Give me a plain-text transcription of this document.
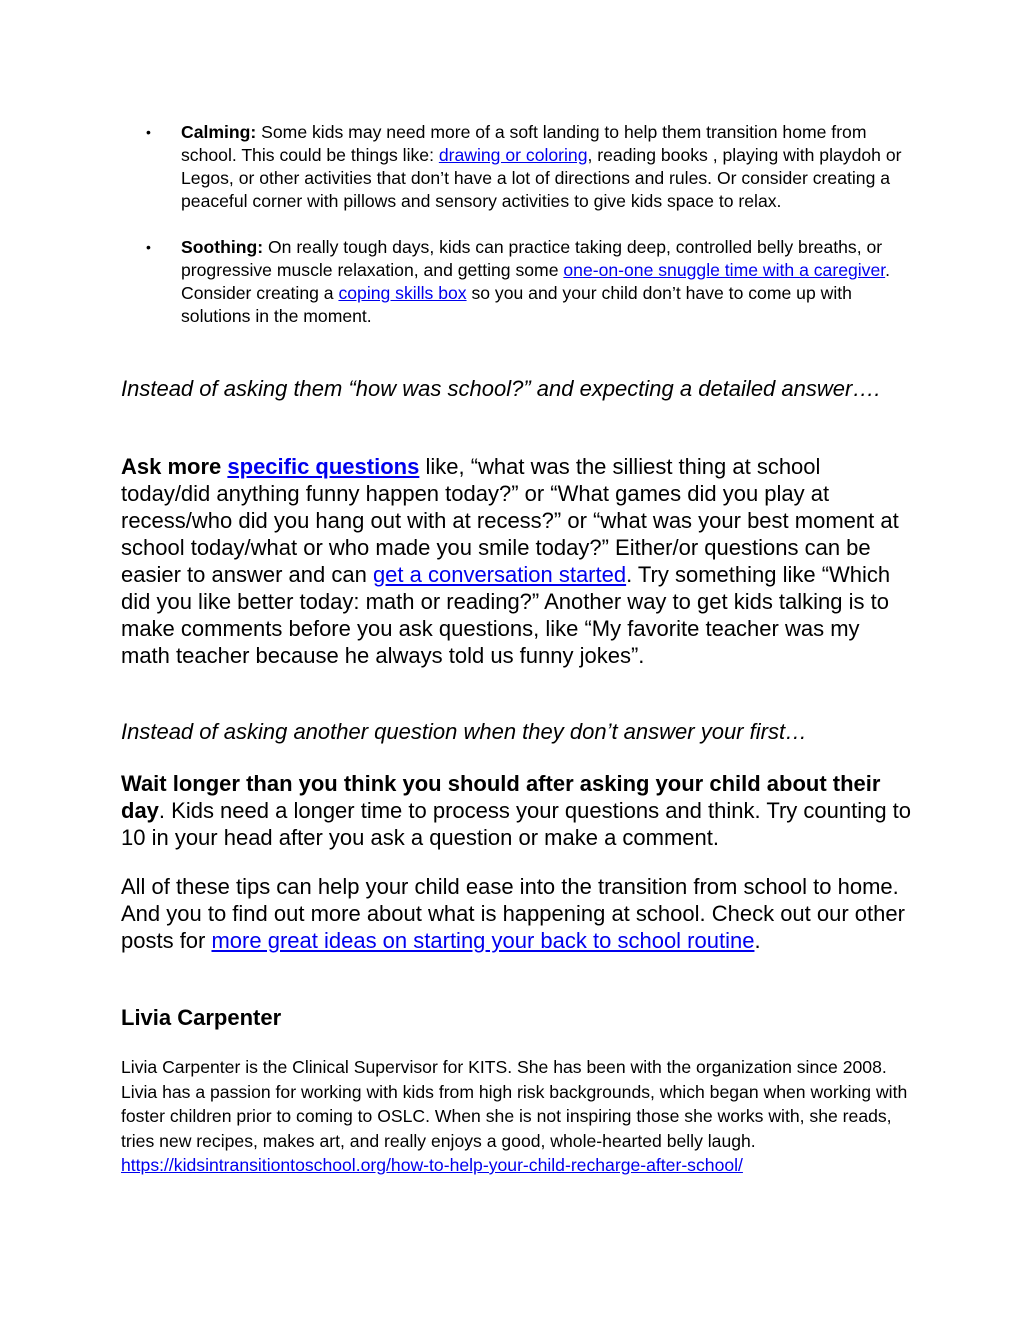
• Calming: Some kids may need more of a soft landing to help them transition home from school. This could be things like: drawing or coloring, reading books , playing with playdoh or Legos, or other activities that don’t have a lot of directions and rules. Or consider creating a peaceful corner with pillows and sensory activities to give kids space to relax.
• Soothing: On really tough days, kids can practice taking deep, controlled belly breaths, or progressive muscle relaxation, and getting some one-on-one snuggle time with a caregiver. Consider creating a coping skills box so you and your child don’t have to come up with solutions in the moment.

Instead of asking them “how was school?” and expecting a detailed answer….

Ask more specific questions like, “what was the silliest thing at school today/did anything funny happen today?” or “What games did you play at recess/who did you hang out with at recess?” or “what was your best moment at school today/what or who made you smile today?” Either/or questions can be easier to answer and can get a conversation started. Try something like “Which did you like better today: math or reading?” Another way to get kids talking is to make comments before you ask questions, like “My favorite teacher was my math teacher because he always told us funny jokes”.

Instead of asking another question when they don’t answer your first…

Wait longer than you think you should after asking your child about their day. Kids need a longer time to process your questions and think. Try counting to 10 in your head after you ask a question or make a comment.

All of these tips can help your child ease into the transition from school to home. And you to find out more about what is happening at school. Check out our other posts for more great ideas on starting your back to school routine.

Livia Carpenter

Livia Carpenter is the Clinical Supervisor for KITS. She has been with the organization since 2008. Livia has a passion for working with kids from high risk backgrounds, which began when working with foster children prior to coming to OSLC. When she is not inspiring those she works with, she reads, tries new recipes, makes art, and really enjoys a good, whole-hearted belly laugh.
https://kidsintransitiontoschool.org/how-to-help-your-child-recharge-after-school/
